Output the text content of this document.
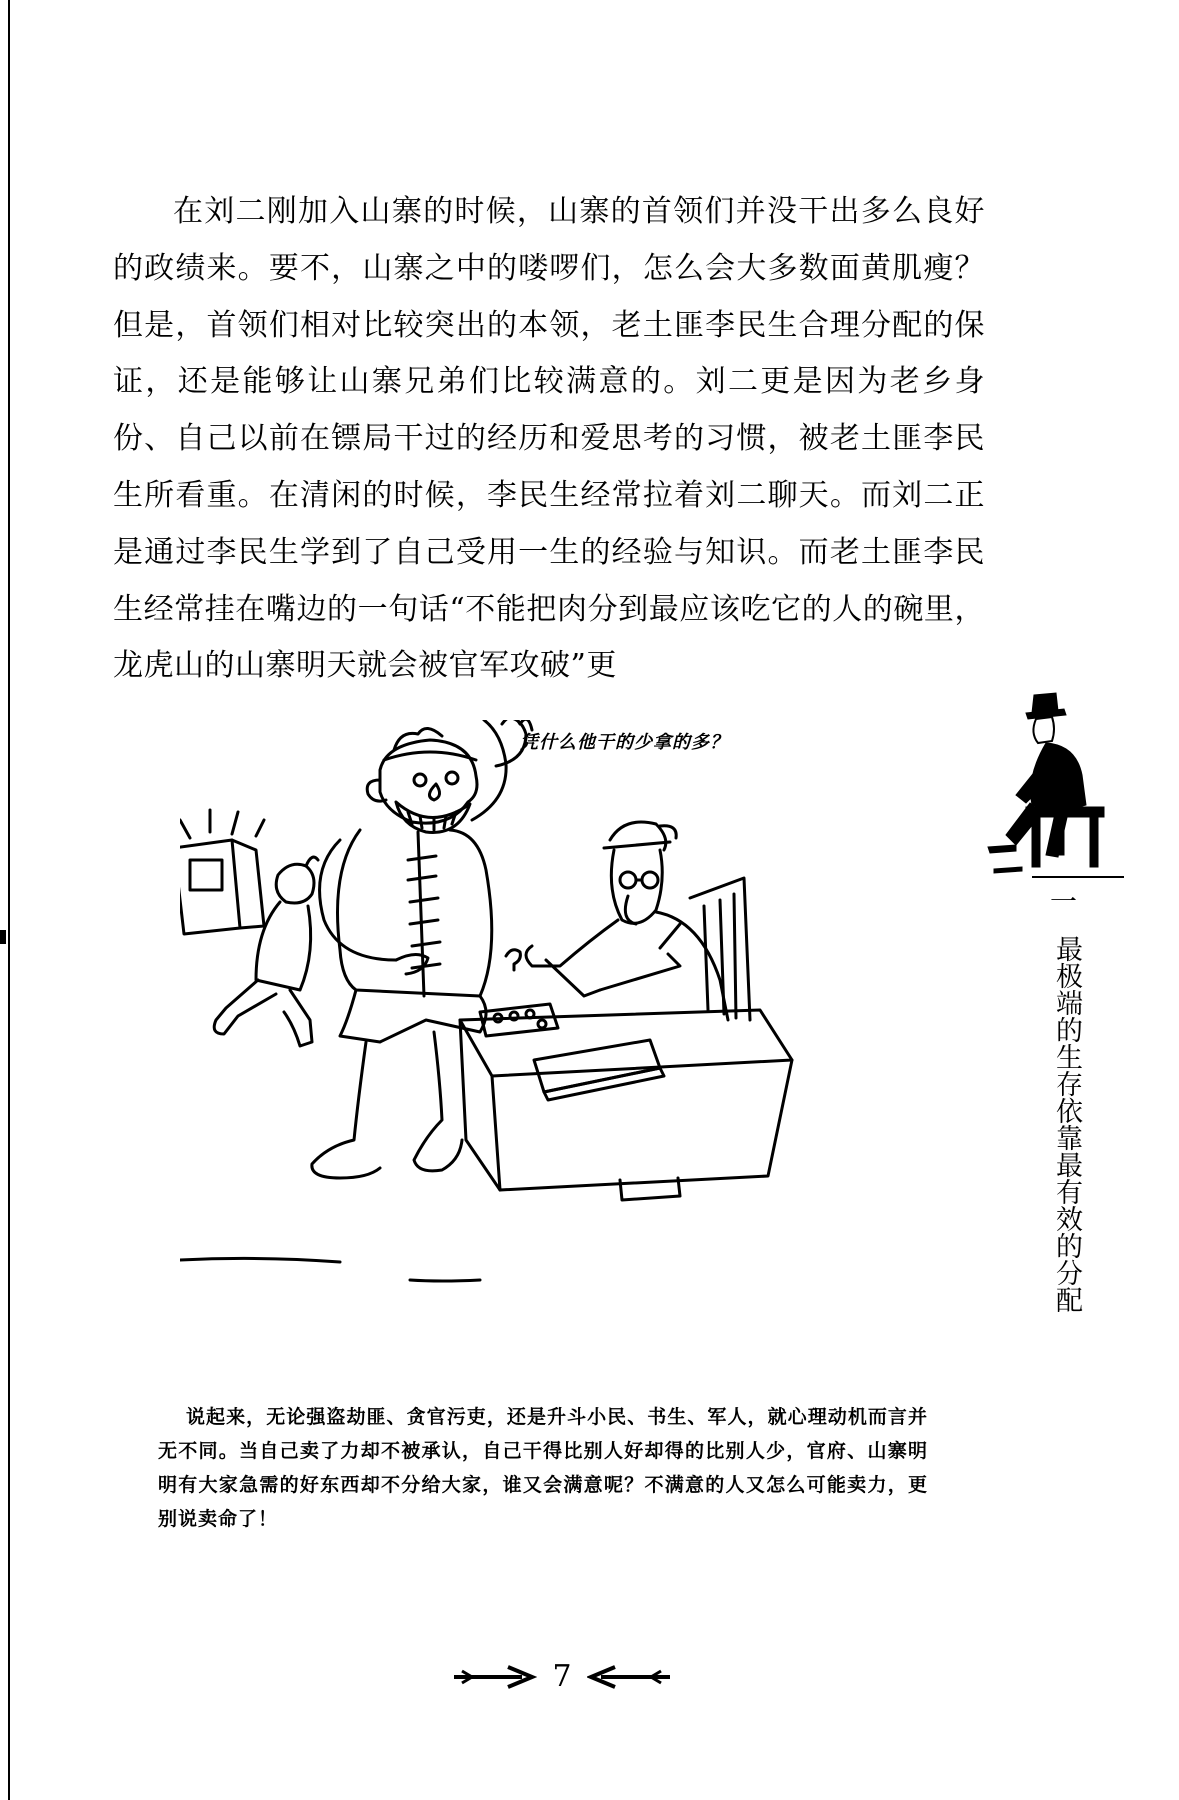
在刘二刚加入山寨的时候，山寨的首领们并没干出多么良好的政绩来。要不，山寨之中的喽啰们，怎么会大多数面黄肌瘦？但是，首领们相对比较突出的本领，老土匪李民生合理分配的保证，还是能够让山寨兄弟们比较满意的。刘二更是因为老乡身份、自己以前在镖局干过的经历和爱思考的习惯，被老土匪李民生所看重。在清闲的时候，李民生经常拉着刘二聊天。而刘二正是通过李民生学到了自己受用一生的经验与知识。而老土匪李民生经常挂在嘴边的一句话“不能把肉分到最应该吃它的人的碗里，龙虎山的山寨明天就会被官军攻破”更

一

最极端的生存依靠最有效的分配

凭什么他干的少拿的多？

说起来，无论强盗劫匪、贪官污吏，还是升斗小民、书生、军人，就心理动机而言并无不同。当自己卖了力却不被承认，自己干得比别人好却得的比别人少，官府、山寨明明有大家急需的好东西却不分给大家，谁又会满意呢？不满意的人又怎么可能卖力，更别说卖命了！

7
